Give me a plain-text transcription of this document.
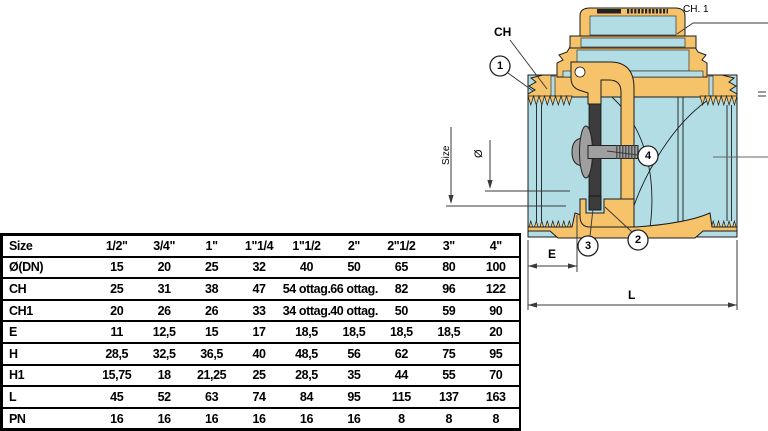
CH
CH. 1
Size Ø
E
L
1
2
3
4
Size	1/2"	3/4"	1"	1"1/4	1"1/2	2"	2"1/2	3"	4"
Ø(DN)	15	20	25	32	40	50	65	80	100
CH	25	31	38	47	54 ottag.	66 ottag.	82	96	122
CH1	20	26	26	33	34 ottag.	40 ottag.	50	59	90
E	11	12,5	15	17	18,5	18,5	18,5	18,5	20
H	28,5	32,5	36,5	40	48,5	56	62	75	95
H1	15,75	18	21,25	25	28,5	35	44	55	70
L	45	52	63	74	84	95	115	137	163
PN	16	16	16	16	16	16	8	8	8
